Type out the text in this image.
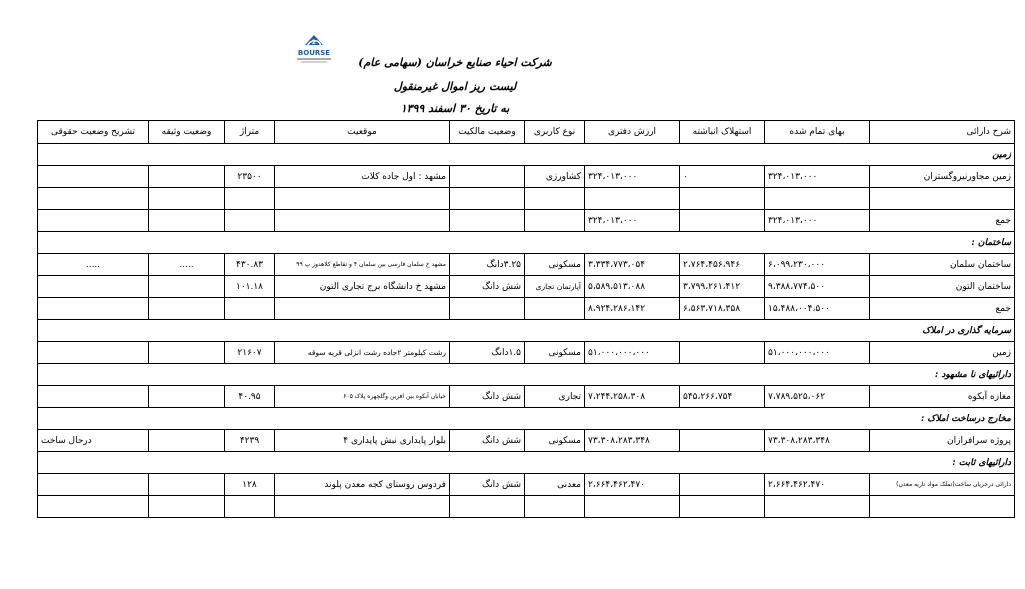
2
BOURSE
شرکت احیاء صنایع خراسان (سهامی عام)
لیست ریز اموال غیرمنقول
به تاریخ ۳۰ اسفند ۱۳۹۹
شرح دارائی	بهای تمام شده	استهلاک انباشته	ارزش دفتری	نوع کاربری	وضعیت مالکیت	موقعیت	متراژ	وضعیت وثیقه	تشریح وضعیت حقوقی
زمین									
زمین مجاورنیروگستران	۳۲۴،۰۱۳،۰۰۰	۰	۳۲۴،۰۱۳،۰۰۰	کشاورزی		مشهد : اول جاده کلات	۲۳۵۰۰		

جمع	۳۲۴،۰۱۳،۰۰۰		۳۲۴،۰۱۳،۰۰۰						
ساختمان :									
ساختمان سلمان	۶،۰۹۹،۲۳۰،۰۰۰	۲،۷۶۴،۴۵۶،۹۴۶	۳،۳۳۴،۷۷۳،۰۵۴	مسکونی	۳.۲۵دانگ	مشهد خ سلمان فارسی بین سلمان ۴ و تقاطع کلاهدوز پ ۹۹	۴۳۰.۸۳	.....	.....
ساختمان التون	۹،۳۸۸،۷۷۴،۵۰۰	۳،۷۹۹،۲۶۱،۴۱۲	۵،۵۸۹،۵۱۳،۰۸۸	آپارتمان تجاری	شش دانگ	مشهد خ دانشگاه برج تجاری التون	۱۰۱.۱۸		
جمع	۱۵،۴۸۸،۰۰۴،۵۰۰	۶،۵۶۳،۷۱۸،۳۵۸	۸،۹۲۴،۲۸۶،۱۴۲						
سرمایه گذاری در املاک									
زمین	۵۱،۰۰۰،۰۰۰،۰۰۰		۵۱،۰۰۰،۰۰۰،۰۰۰	مسکونی	۱.۵دانگ	رشت کیلومتر ۲جاده رشت انزلی قریه سوقه	۲۱۶۰۷		
دارائیهای نا مشهود :									
مغازه آبکوه	۷،۷۸۹،۵۲۵،۰۶۲	۵۴۵،۲۶۶،۷۵۴	۷،۲۴۴،۲۵۸،۳۰۸	تجاری	شش دانگ	خیابان آبکوه بین افرین وگلچهره پلاک ۶۰۵	۴۰.۹۵		
مخارج درساخت املاک :									
پروژه سرافرازان	۷۳،۳۰۸،۲۸۳،۳۴۸		۷۳،۳۰۸،۲۸۳،۳۴۸	مسکونی	شش دانگ	بلوار پایداری نبش پایداری ۴	۴۲۳۹		درحال ساخت
دارائیهای ثابت :									
دارائی درجریان ساخت(تملک مواد ناریه معدن)	۲،۶۶۴،۴۶۲،۴۷۰		۲،۶۶۴،۴۶۲،۴۷۰	معدنی	شش دانگ	فردوس روستای کجه معدن پلوند	۱۲۸		
